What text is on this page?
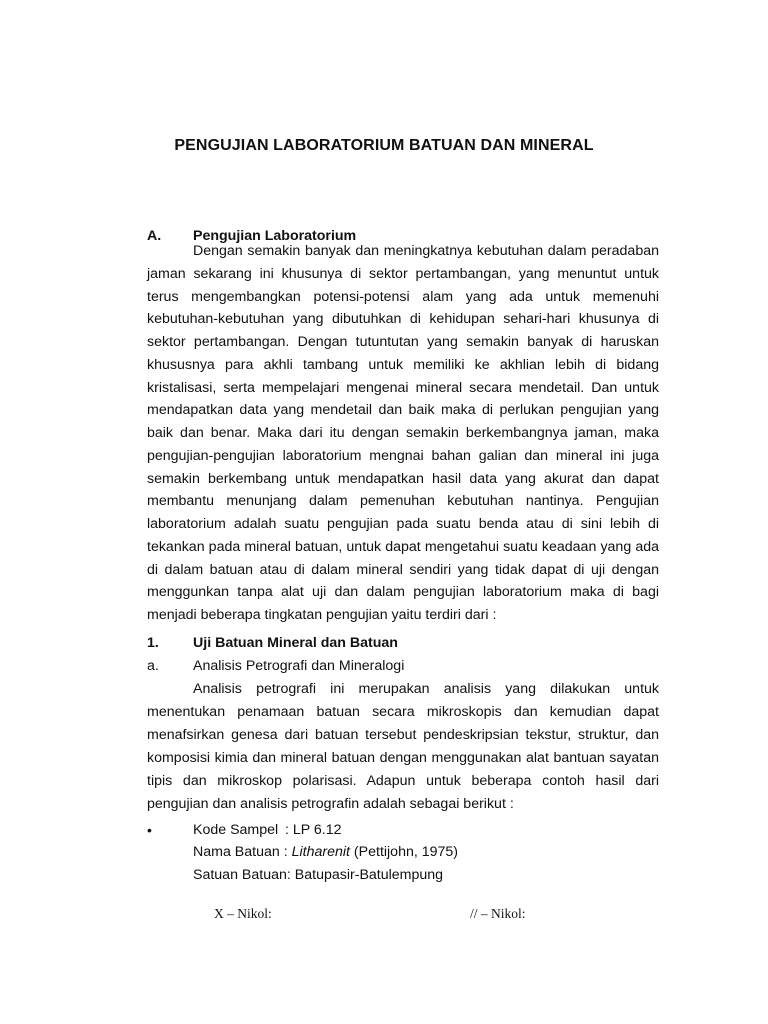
PENGUJIAN LABORATORIUM BATUAN DAN MINERAL
A. Pengujian Laboratorium
Dengan semakin banyak dan meningkatnya kebutuhan dalam peradaban
jaman sekarang ini khusunya di sektor pertambangan, yang menuntut untuk
terus mengembangkan potensi-potensi alam yang ada untuk memenuhi
kebutuhan-kebutuhan yang dibutuhkan di kehidupan sehari-hari khusunya di
sektor pertambangan. Dengan tutuntutan yang semakin banyak di haruskan
khususnya para akhli tambang untuk memiliki ke akhlian lebih di bidang
kristalisasi, serta mempelajari mengenai mineral secara mendetail. Dan untuk
mendapatkan data yang mendetail dan baik maka di perlukan pengujian yang
baik dan benar. Maka dari itu dengan semakin berkembangnya jaman, maka
pengujian-pengujian laboratorium mengnai bahan galian dan mineral ini juga
semakin berkembang untuk mendapatkan hasil data yang akurat dan dapat
membantu menunjang dalam pemenuhan kebutuhan nantinya. Pengujian
laboratorium adalah suatu pengujian pada suatu benda atau di sini lebih di
tekankan pada mineral batuan, untuk dapat mengetahui suatu keadaan yang ada
di dalam batuan atau di dalam mineral sendiri yang tidak dapat di uji dengan
menggunkan tanpa alat uji dan dalam pengujian laboratorium maka di bagi
menjadi beberapa tingkatan pengujian yaitu terdiri dari :
1. Uji Batuan Mineral dan Batuan
a. Analisis Petrografi dan Mineralogi
Analisis petrografi ini merupakan analisis yang dilakukan untuk
menentukan penamaan batuan secara mikroskopis dan kemudian dapat
menafsirkan genesa dari batuan tersebut pendeskripsian tekstur, struktur, dan
komposisi kimia dan mineral batuan dengan menggunakan alat bantuan sayatan
tipis dan mikroskop polarisasi. Adapun untuk beberapa contoh hasil dari
pengujian dan analisis petrografin adalah sebagai berikut :
•	Kode Sampel : LP 6.12
Nama Batuan : Litharenit (Pettijohn, 1975)
Satuan Batuan: Batupasir-Batulempung
X – Nikol:	// – Nikol:
